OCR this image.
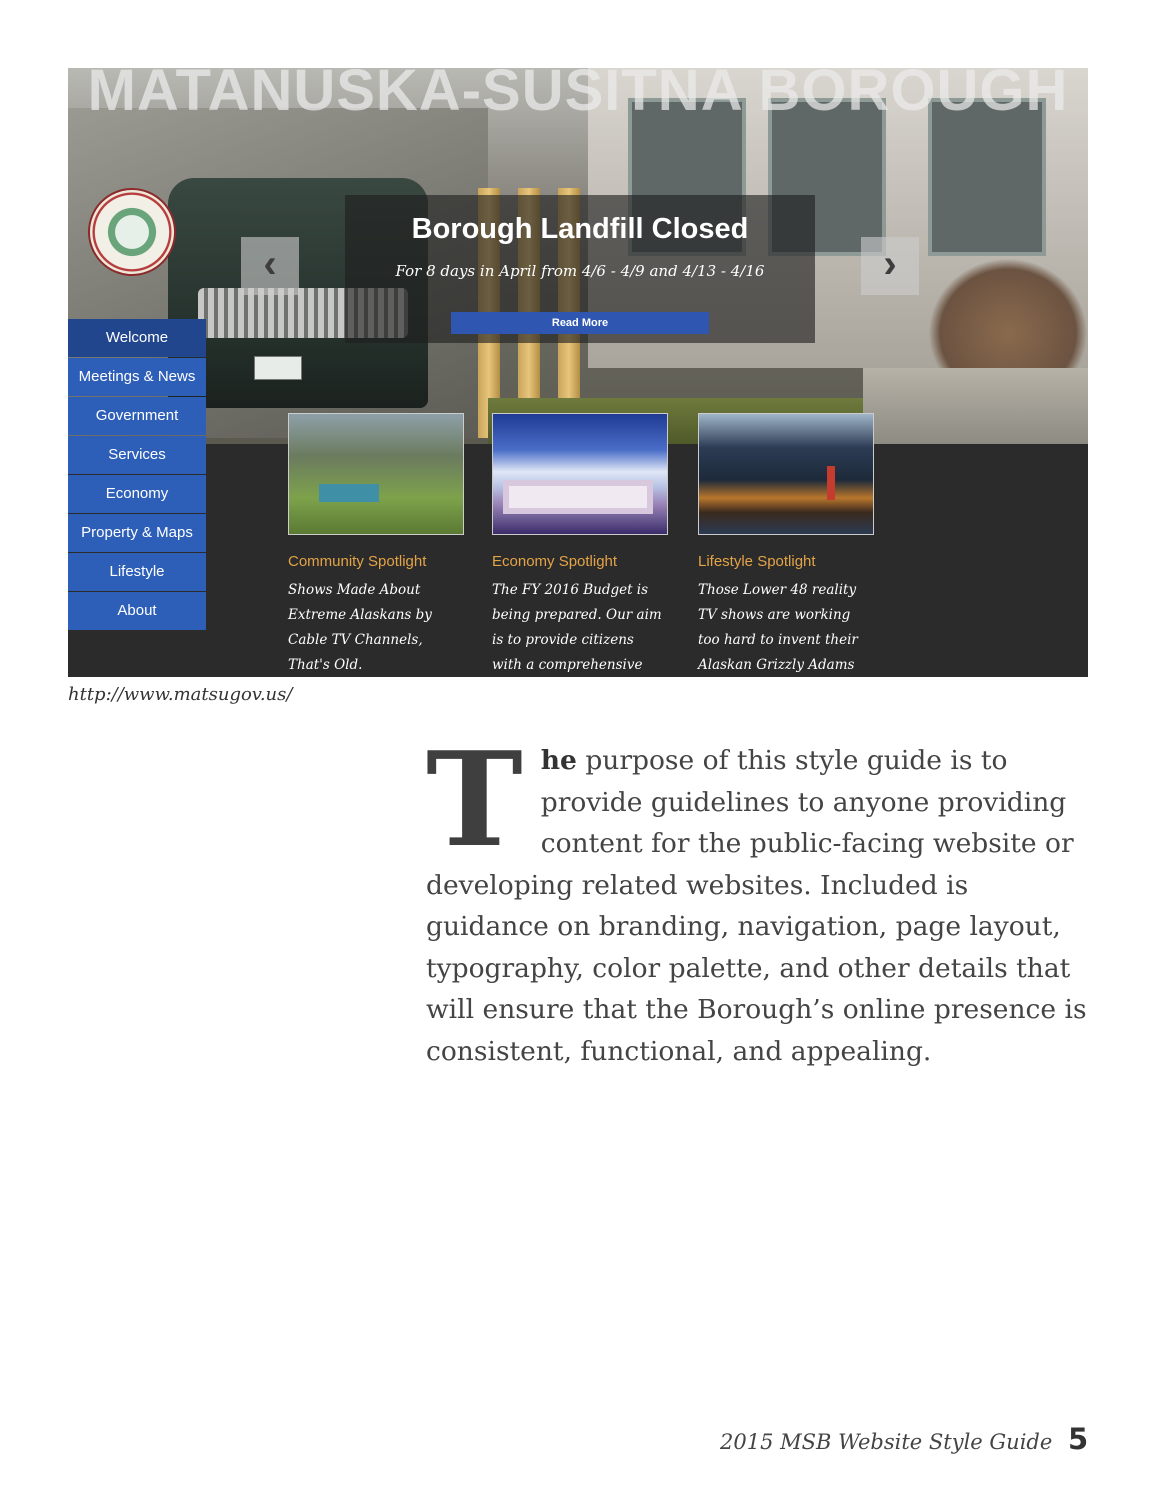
MATANUSKA-SUSITNA BOROUGH
Borough Landfill Closed
For 8 days in April from 4/6 - 4/9 and 4/13 - 4/16
Read More
‹	›
Welcome
Meetings & News
Government
Services
Economy
Property & Maps
Lifestyle
About
Community Spotlight
Shows Made About Extreme Alaskans by Cable TV Channels, That's Old.
Economy Spotlight
The FY 2016 Budget is being prepared. Our aim is to provide citizens with a comprehensive and
Lifestyle Spotlight
Those Lower 48 reality TV shows are working too hard to invent their Alaskan Grizzly Adams
http://www.matsugov.us/
The purpose of this style guide is to provide guidelines to anyone providing content for the public-facing website or developing related websites. Included is guidance on branding, navigation, page layout, typography, color palette, and other details that will ensure that the Borough’s online presence is consistent, functional, and appealing.
2015 MSB Website Style Guide 5
